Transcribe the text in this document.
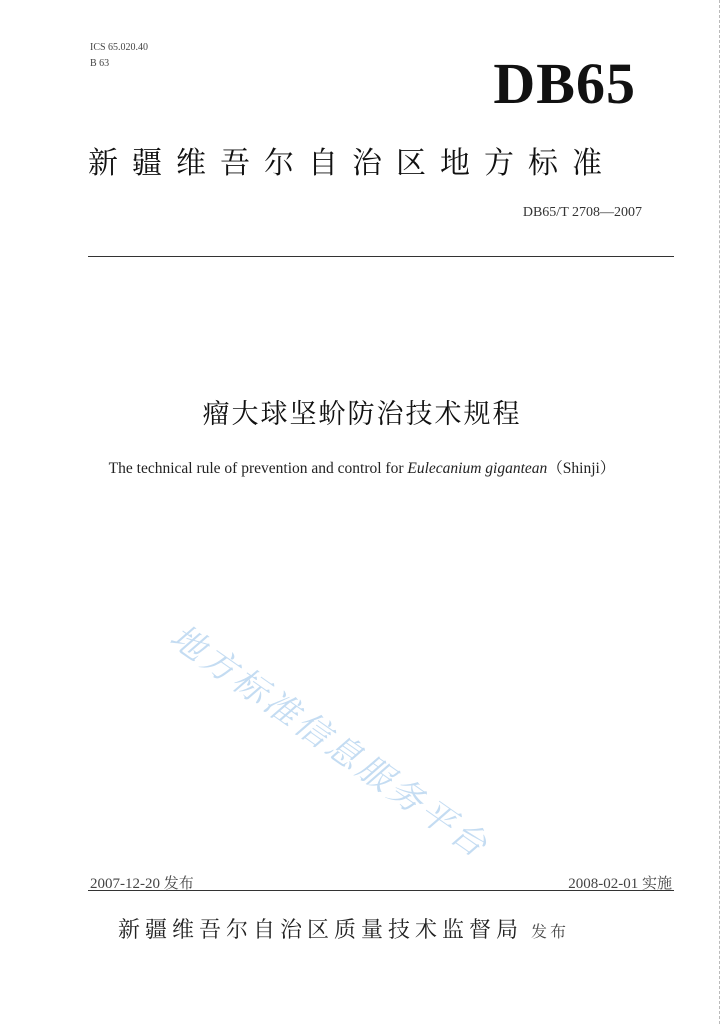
ICS 65.020.40
B 63	DB65
新疆维吾尔自治区地方标准
DB65/T 2708—2007
瘤大球坚蚧防治技术规程
The technical rule of prevention and control for Eulecanium gigantean（Shinji）
地方标准信息服务平台
2007-12-20 发布	2008-02-01 实施
新疆维吾尔自治区质量技术监督局 发布
